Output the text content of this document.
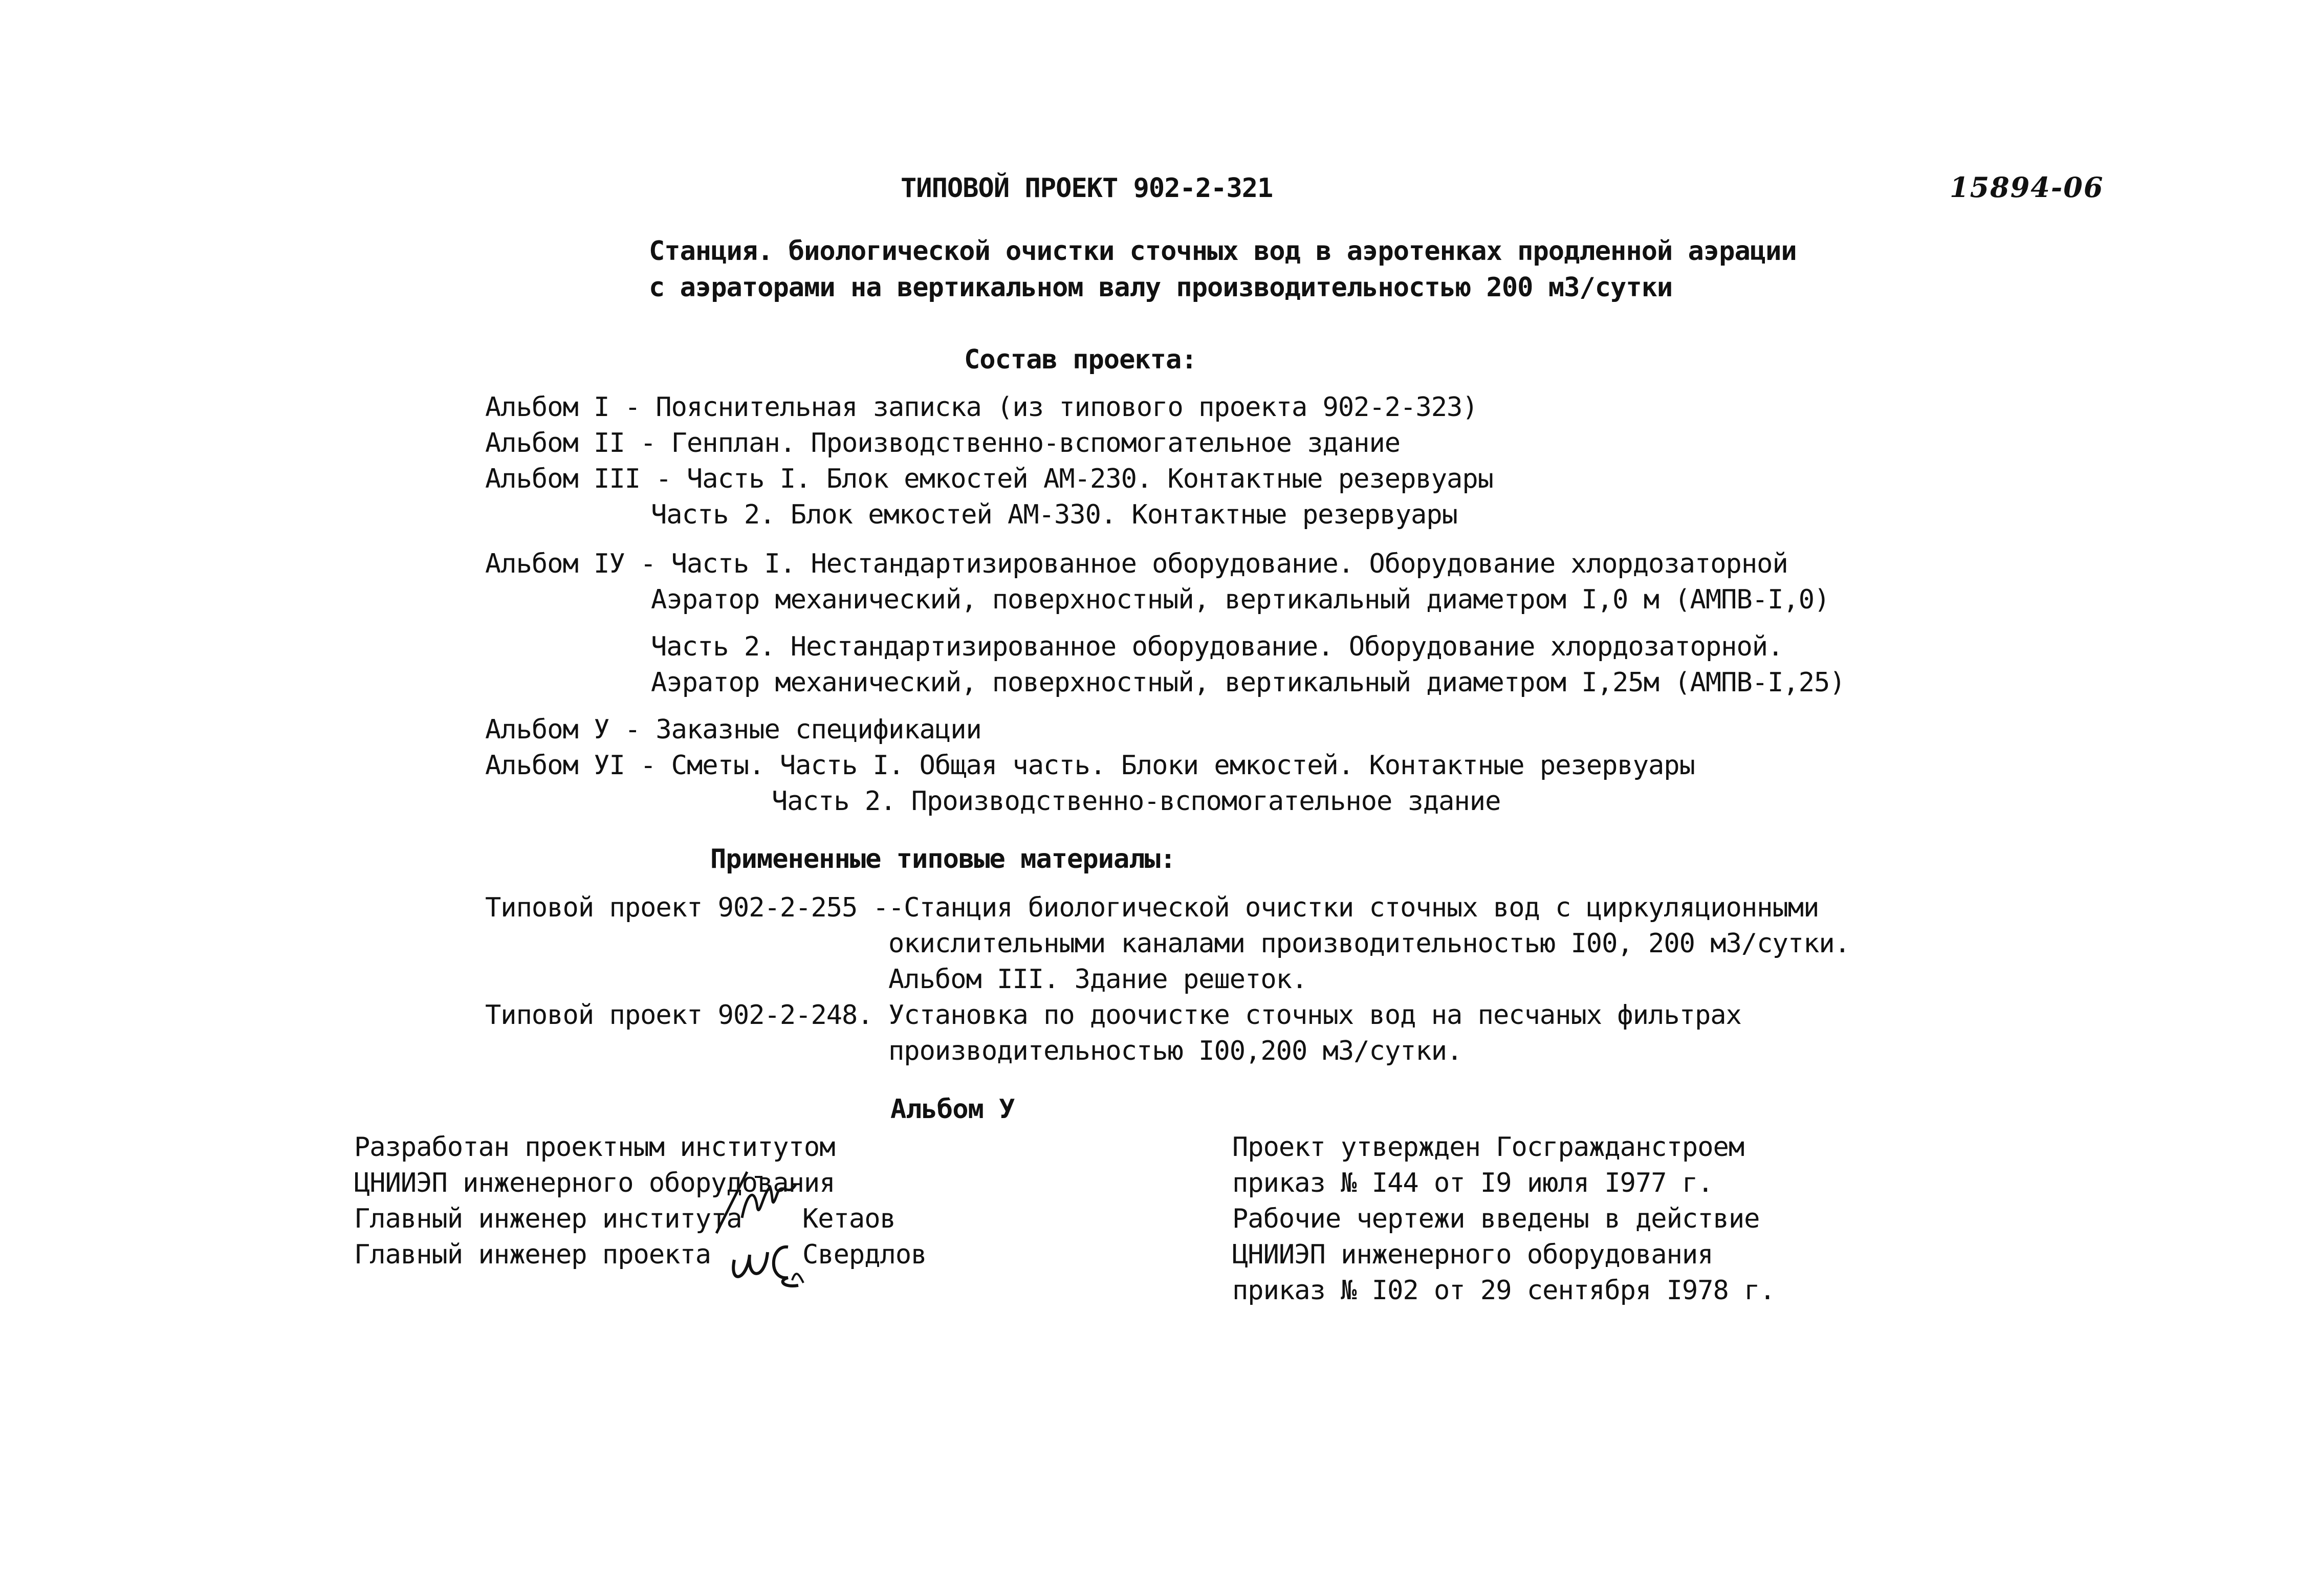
ТИПОВОЙ ПРОЕКТ 902-2-321	15894-06
Станция. биологической очистки сточных вод в аэротенках продленной аэрации
с аэраторами на вертикальном валу производительностью 200 м3/сутки
Состав проекта:
Альбом I - Пояснительная записка (из типового проекта 902-2-323)
Альбом II - Генплан. Производственно-вспомогательное здание
Альбом III - Часть I. Блок емкостей АМ-230. Контактные резервуары
Часть 2. Блок емкостей АМ-330. Контактные резервуары
Альбом IУ - Часть I. Нестандартизированное оборудование. Оборудование хлордозаторной
Аэратор механический, поверхностный, вертикальный диаметром I,0 м (АМПВ-I,0)
Часть 2. Нестандартизированное оборудование. Оборудование хлордозаторной.
Аэратор механический, поверхностный, вертикальный диаметром I,25м (АМПВ-I,25)
Альбом У - Заказные спецификации
Альбом УI - Сметы. Часть I. Общая часть. Блоки емкостей. Контактные резервуары
Часть 2. Производственно-вспомогательное здание
Примененные типовые материалы:
Типовой проект 902-2-255 --Станция биологической очистки сточных вод с циркуляционными
окислительными каналами производительностью I00, 200 м3/сутки.
Альбом III. Здание решеток.
Типовой проект 902-2-248. Установка по доочистке сточных вод на песчаных фильтрах
производительностью I00,200 м3/сутки.
Альбом У
Разработан проектным институтом
ЦНИИЭП инженерного оборудования
Главный инженер института Кетаов
Главный инженер проекта	Свердлов
Проект утвержден Госгражданстроем
приказ № I44 от I9 июля I977 г.
Рабочие чертежи введены в действие
ЦНИИЭП инженерного оборудования
приказ № I02 от 29 сентября I978 г.
